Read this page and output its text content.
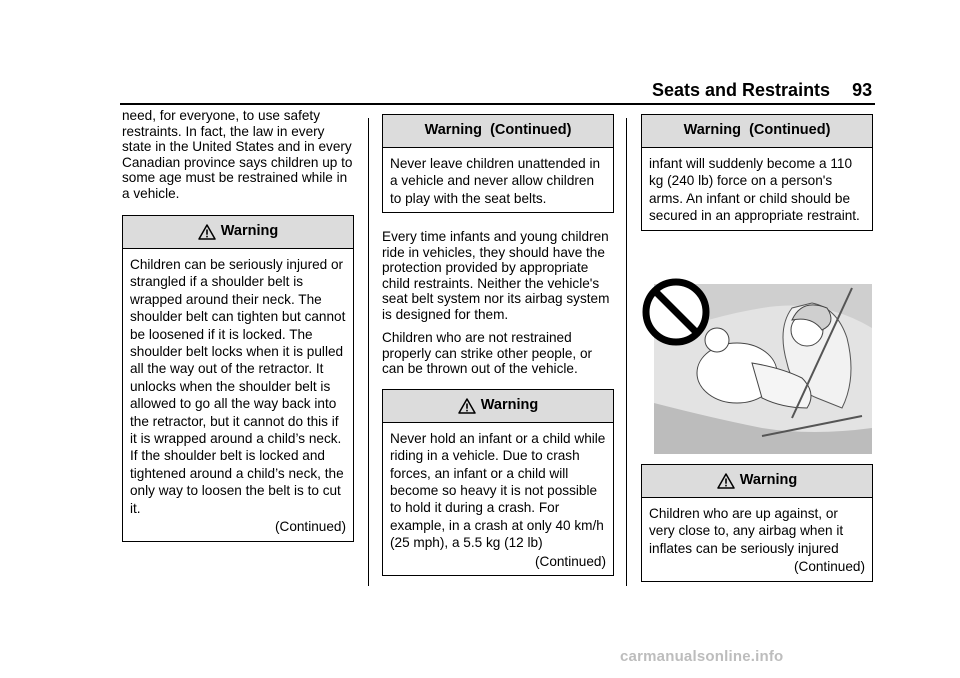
Seats and Restraints 93

need, for everyone, to use safety restraints. In fact, the law in every state in the United States and in every Canadian province says children up to some age must be restrained while in a vehicle.

Warning
Children can be seriously injured or strangled if a shoulder belt is wrapped around their neck. The shoulder belt can tighten but cannot be loosened if it is locked. The shoulder belt locks when it is pulled all the way out of the retractor. It unlocks when the shoulder belt is allowed to go all the way back into the retractor, but it cannot do this if it is wrapped around a child’s neck. If the shoulder belt is locked and tightened around a child’s neck, the only way to loosen the belt is to cut it.
(Continued)
Warning  (Continued)
Never leave children unattended in a vehicle and never allow children to play with the seat belts.

Every time infants and young children ride in vehicles, they should have the protection provided by appropriate child restraints. Neither the vehicle's seat belt system nor its airbag system is designed for them.

Children who are not restrained properly can strike other people, or can be thrown out of the vehicle.

Warning
Never hold an infant or a child while riding in a vehicle. Due to crash forces, an infant or a child will become so heavy it is not possible to hold it during a crash. For example, in a crash at only 40 km/h (25 mph), a 5.5 kg (12 lb)
(Continued)
Warning  (Continued)
infant will suddenly become a 110 kg (240 lb) force on a person's arms. An infant or child should be secured in an appropriate restraint.
Warning
Children who are up against, or very close to, any airbag when it inflates can be seriously injured
(Continued)
carmanualsonline.info
